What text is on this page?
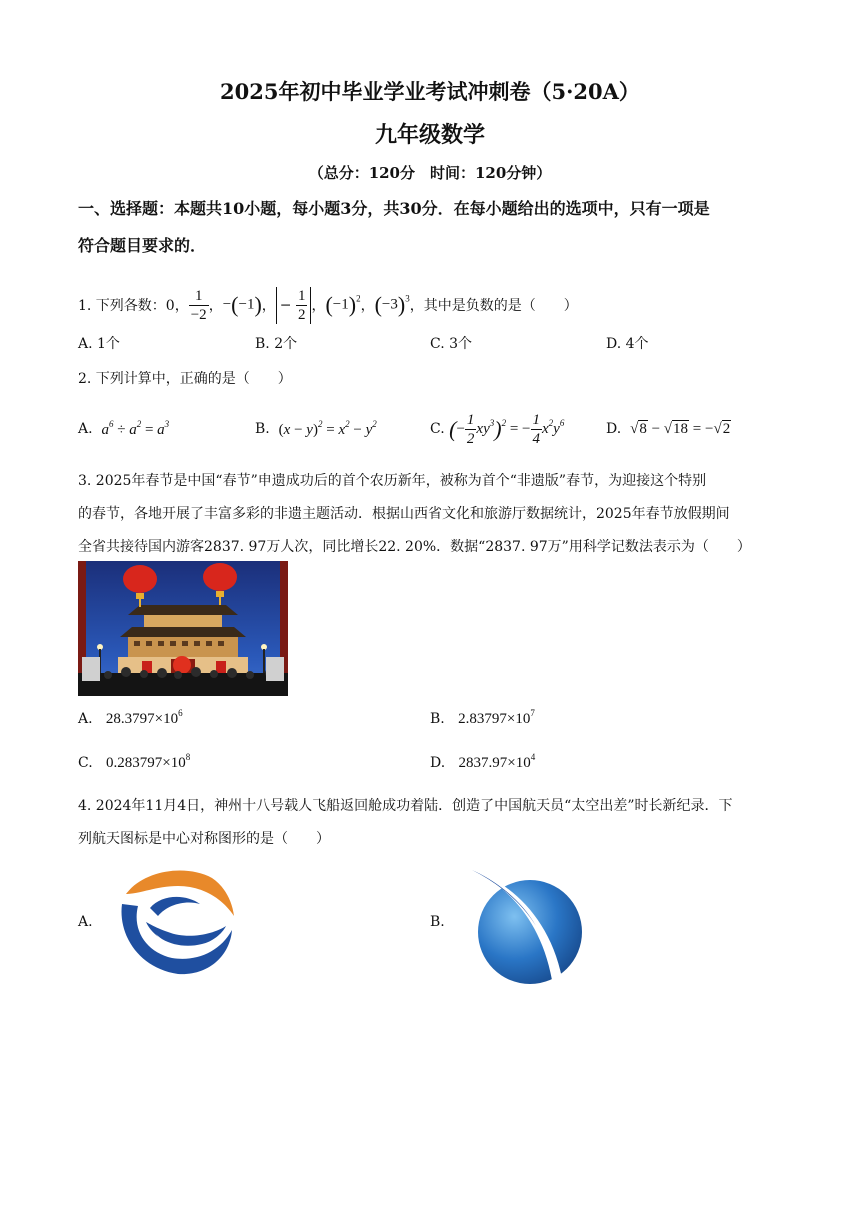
2025年初中毕业学业考试冲刺卷（5·20A）
九年级数学
（总分：120分　时间：120分钟）
一、选择题：本题共10小题，每小题3分，共30分．在每小题给出的选项中，只有一项是
符合题目要求的．
1. 下列各数：0， $\frac{1}{-2}$ ， −(−1) ， − $\frac{1}{2}$ ， $(-1)^2$ ， $(-3)^3$ ，其中是负数的是（　　）
A. 1个	B. 2个	C. 3个	D. 4个
2. 下列计算中，正确的是（　　）
A.
$a^6 \div a^2 = a^3$	B.
$(x - y)^2 = x^2 - y^2$	C.
(− $\frac{1}{2} xy^3)^2$ = − $\frac{1}{4} x^2y^6$	D.
√8 − √18 = −√2
3. 2025年春节是中国“春节”申遗成功后的首个农历新年，被称为首个“非遗版”春节，为迎接这个特别
的春节，各地开展了丰富多彩的非遗主题活动．根据山西省文化和旅游厅数据统计，2025年春节放假期间
全省共接待国内游客2837. 97万人次，同比增长22. 20%．数据“2837. 97万”用科学记数法表示为（　　）
A. $28.3797\times 10^6$	B. $2.83797\times 10^7$
C. $0.283797\times 10^8$	D. $2837.97\times 10^4$
4. 2024年11月4日，神州十八号载人飞船返回舱成功着陆．创造了中国航天员“太空出差”时长新纪录．下
列航天图标是中心对称图形的是（　　）
A.	B.
